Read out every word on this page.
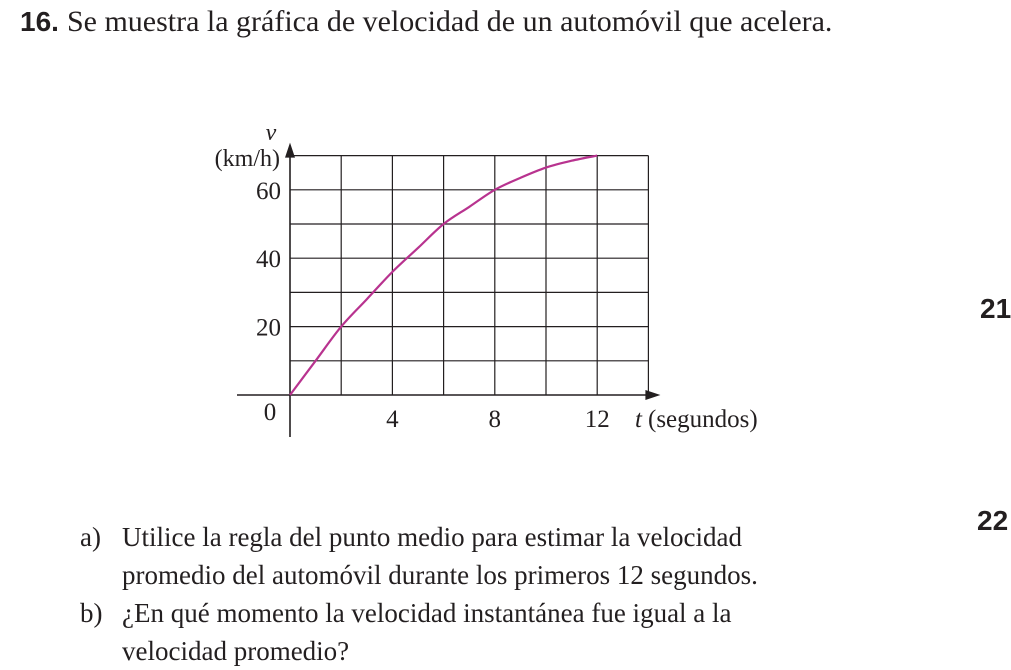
16. Se muestra la gráfica de velocidad de un automóvil que acelera.
4	8	12
20
40
60
0
v
(km/h)
t (segundos)
21
22
a) Utilice la regla del punto medio para estimar la velocidad
promedio del automóvil durante los primeros 12 segundos.
b) ¿En qué momento la velocidad instantánea fue igual a la
velocidad promedio?
